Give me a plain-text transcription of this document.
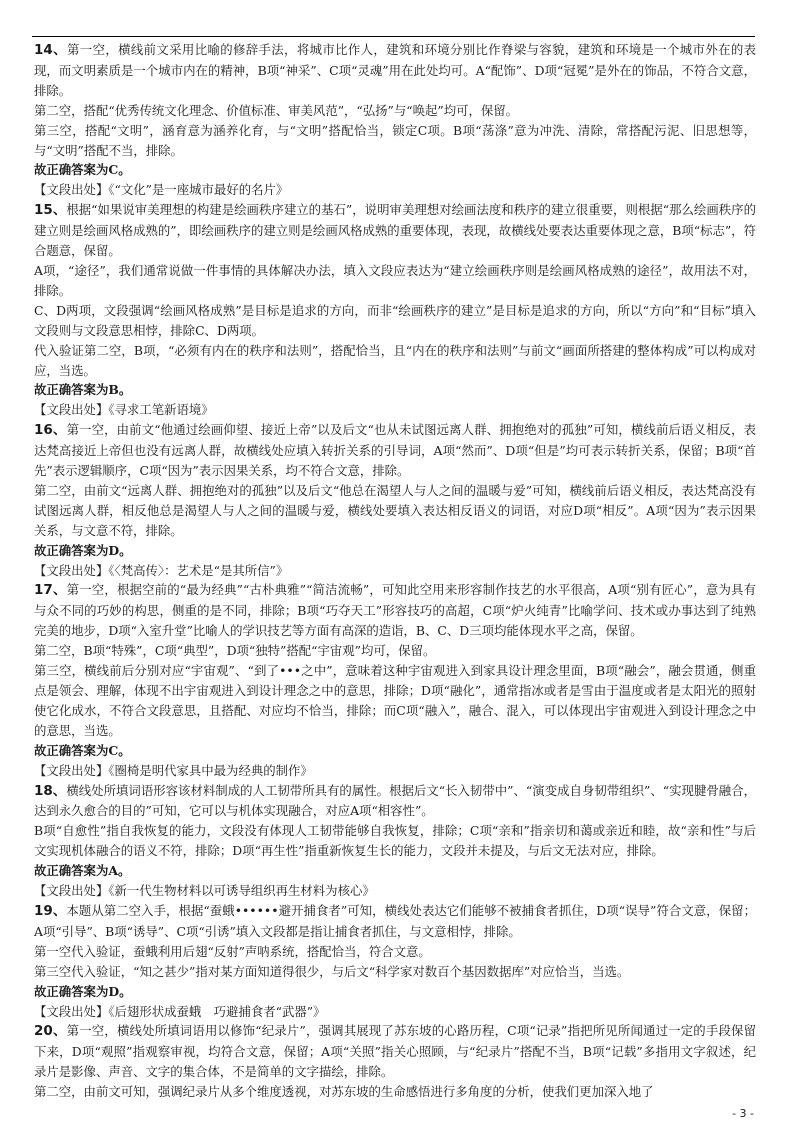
14、第一空，横线前文采用比喻的修辞手法，将城市比作人，建筑和环境分别比作脊梁与容貌，建筑和环境是一个城市外在的表现，而文明素质是一个城市内在的精神，B项“神采”、C项“灵魂”用在此处均可。A“配饰”、D项“冠冕”是外在的饰品，不符合文意，排除。

第二空，搭配“优秀传统文化理念、价值标准、审美风范”，“弘扬”与“唤起”均可，保留。

第三空，搭配“文明”，涵育意为涵养化育，与“文明”搭配恰当，锁定C项。B项“荡涤”意为冲洗、清除，常搭配污泥、旧思想等，与“文明”搭配不当，排除。

故正确答案为C。

【文段出处】《“文化”是一座城市最好的名片》

15、根据“如果说审美理想的构建是绘画秩序建立的基石”，说明审美理想对绘画法度和秩序的建立很重要，则根据“那么绘画秩序的建立则是绘画风格成熟的”，即绘画秩序的建立则是绘画风格成熟的重要体现，表现，故横线处要表达重要体现之意，B项“标志”，符合题意，保留。

A项，“途径”，我们通常说做一件事情的具体解决办法，填入文段应表达为“建立绘画秩序则是绘画风格成熟的途径”，故用法不对，排除。

C、D两项，文段强调“绘画风格成熟”是目标是追求的方向，而非“绘画秩序的建立”是目标是追求的方向，所以“方向”和“目标”填入文段则与文段意思相悖，排除C、D两项。

代入验证第二空，B项，“必须有内在的秩序和法则”，搭配恰当，且“内在的秩序和法则”与前文“画面所搭建的整体构成”可以构成对应，当选。

故正确答案为B。

【文段出处】《寻求工笔新语境》

16、第一空，由前文“他通过绘画仰望、接近上帝”以及后文“也从未试图远离人群、拥抱绝对的孤独”可知，横线前后语义相反，表达梵高接近上帝但也没有远离人群，故横线处应填入转折关系的引导词，A项“然而”、D项“但是”均可表示转折关系，保留；B项“首先”表示逻辑顺序，C项“因为”表示因果关系，均不符合文意，排除。

第二空，由前文“远离人群、拥抱绝对的孤独”以及后文“他总在渴望人与人之间的温暖与爱”可知，横线前后语义相反，表达梵高没有试图远离人群，相反他总是渴望人与人之间的温暖与爱，横线处要填入表达相反语义的词语，对应D项“相反”。A项“因为”表示因果关系，与文意不符，排除。

故正确答案为D。

【文段出处】《〈梵高传〉：艺术是“是其所信”》

17、第一空，根据空前的“最为经典”“古朴典雅”“简洁流畅”，可知此空用来形容制作技艺的水平很高，A项“别有匠心”，意为具有与众不同的巧妙的构思，侧重的是不同，排除；B项“巧夺天工”形容技巧的高超，C项“炉火纯青”比喻学问、技术或办事达到了纯熟完美的地步，D项“入室升堂”比喻人的学识技艺等方面有高深的造诣，B、C、D三项均能体现水平之高，保留。

第二空，B项“特殊”，C项“典型”，D项“独特”搭配“宇宙观”均可，保留。

第三空，横线前后分别对应“宇宙观”、“到了•••之中”，意味着这种宇宙观进入到家具设计理念里面，B项“融会”，融会贯通，侧重点是领会、理解，体现不出宇宙观进入到设计理念之中的意思，排除；D项“融化”，通常指冰或者是雪由于温度或者是太阳光的照射使它化成水，不符合文段意思，且搭配、对应均不恰当，排除；而C项“融入”，融合、混入，可以体现出宇宙观进入到设计理念之中的意思，当选。

故正确答案为C。

【文段出处】《圈椅是明代家具中最为经典的制作》

18、横线处所填词语形容该材料制成的人工韧带所具有的属性。根据后文“长入韧带中”、“演变成自身韧带组织”、“实现腱骨融合，达到永久愈合的目的”可知，它可以与机体实现融合，对应A项“相容性”。

B项“自愈性”指自我恢复的能力，文段没有体现人工韧带能够自我恢复，排除；C项“亲和”指亲切和蔼或亲近和睦，故“亲和性”与后文实现机体融合的语义不符，排除；D项“再生性”指重新恢复生长的能力，文段并未提及，与后文无法对应，排除。

故正确答案为A。

【文段出处】《新一代生物材料以可诱导组织再生材料为核心》

19、本题从第二空入手，根据“蚕蛾••••••避开捕食者”可知，横线处表达它们能够不被捕食者抓住，D项“误导”符合文意，保留；A项“引导”、B项“诱导”、C项“引诱”填入文段都是指让捕食者抓住，与文意相悖，排除。

第一空代入验证，蚕蛾利用后翅“反射”声呐系统，搭配恰当，符合文意。

第三空代入验证，“知之甚少”指对某方面知道得很少，与后文“科学家对数百个基因数据库”对应恰当，当选。

故正确答案为D。

【文段出处】《后翅形状成蚕蛾　巧避捕食者“武器”》

20、第一空，横线处所填词语用以修饰“纪录片”，强调其展现了苏东坡的心路历程，C项“记录”指把所见所闻通过一定的手段保留下来，D项“观照”指观察审视，均符合文意，保留；A项“关照”指关心照顾，与“纪录片”搭配不当，B项“记载”多指用文字叙述，纪录片是影像、声音、文字的集合体，不是简单的文字描绘，排除。

第二空，由前文可知，强调纪录片从多个维度透视，对苏东坡的生命感悟进行多角度的分析，使我们更加深入地了

- 3 -
